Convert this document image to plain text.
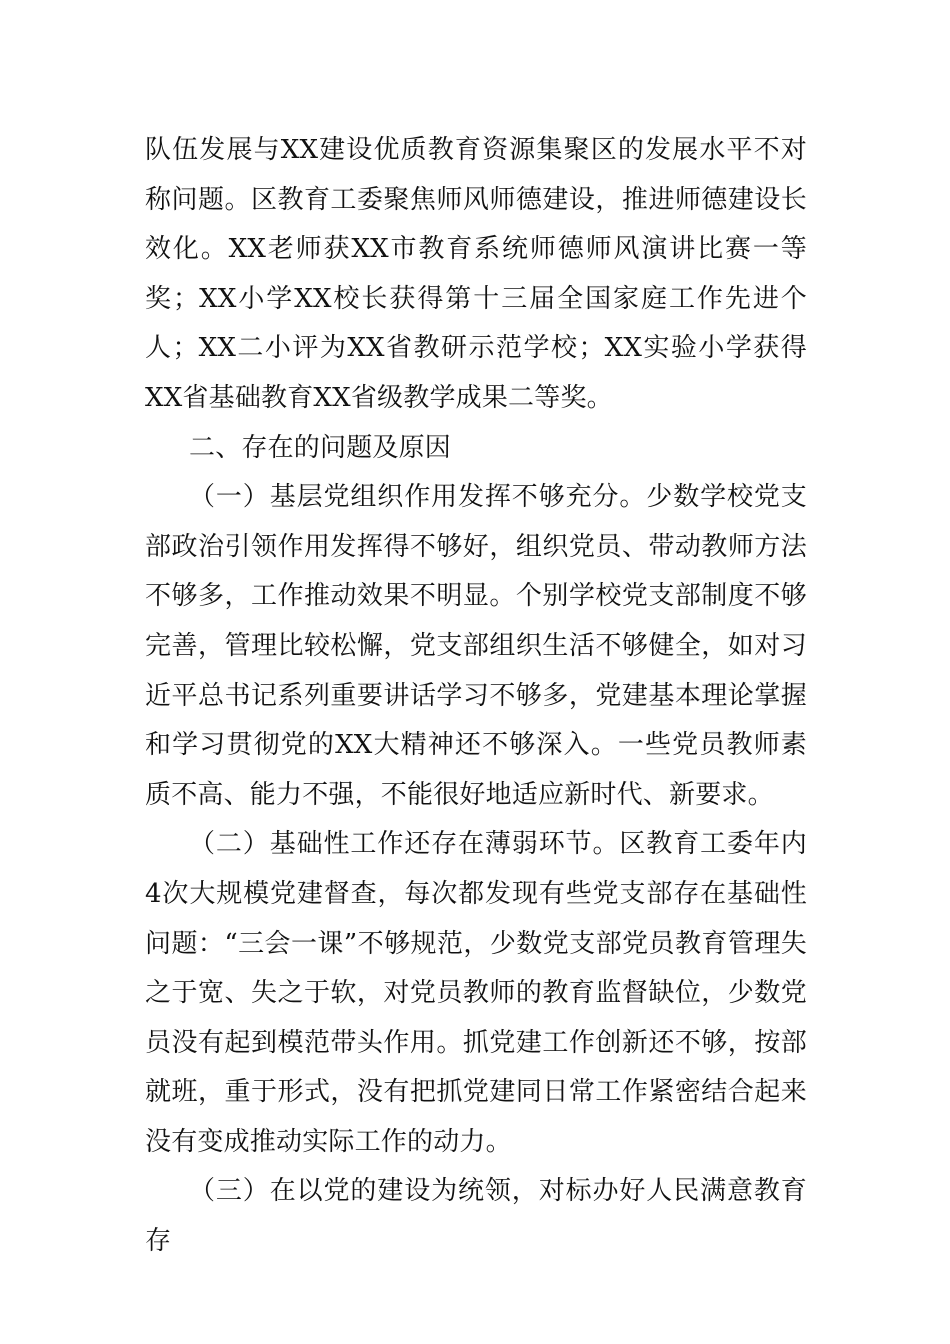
队伍发展与XX建设优质教育资源集聚区的发展水平不对称问题。区教育工委聚焦师风师德建设，推进师德建设长效化。XX老师获XX市教育系统师德师风演讲比赛一等奖；XX小学XX校长获得第十三届全国家庭工作先进个人；XX二小评为XX省教研示范学校；XX实验小学获得XX省基础教育XX省级教学成果二等奖。

二、存在的问题及原因

（一）基层党组织作用发挥不够充分。少数学校党支部政治引领作用发挥得不够好，组织党员、带动教师方法不够多，工作推动效果不明显。个别学校党支部制度不够完善，管理比较松懈，党支部组织生活不够健全，如对习近平总书记系列重要讲话学习不够多，党建基本理论掌握和学习贯彻党的XX大精神还不够深入。一些党员教师素质不高、能力不强，不能很好地适应新时代、新要求。

（二）基础性工作还存在薄弱环节。区教育工委年内4次大规模党建督查，每次都发现有些党支部存在基础性问题：“三会一课”不够规范，少数党支部党员教育管理失之于宽、失之于软，对党员教师的教育监督缺位，少数党员没有起到模范带头作用。抓党建工作创新还不够，按部就班，重于形式，没有把抓党建同日常工作紧密结合起来没有变成推动实际工作的动力。

（三）在以党的建设为统领，对标办好人民满意教育存
